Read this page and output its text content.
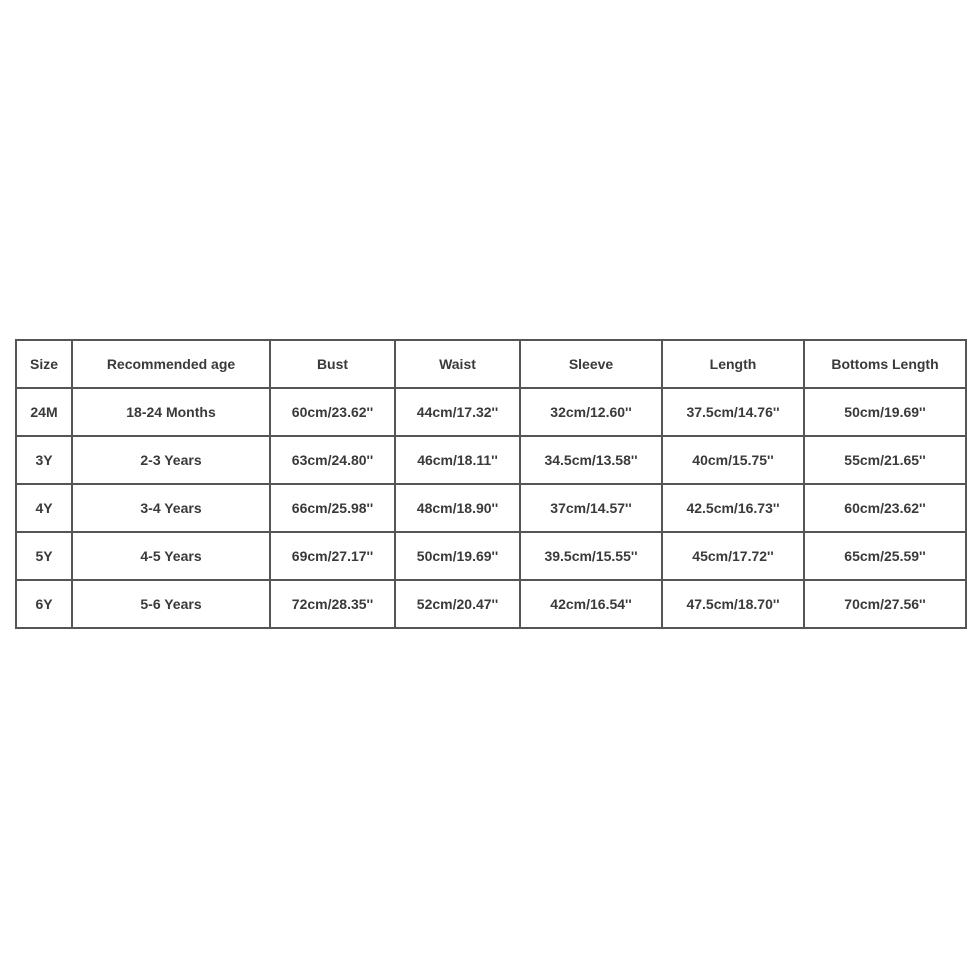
Size	Recommended age	Bust	Waist	Sleeve	Length	Bottoms Length
24M	18-24 Months	60cm/23.62''	44cm/17.32''	32cm/12.60''	37.5cm/14.76''	50cm/19.69''
3Y	2-3 Years	63cm/24.80''	46cm/18.11''	34.5cm/13.58''	40cm/15.75''	55cm/21.65''
4Y	3-4 Years	66cm/25.98''	48cm/18.90''	37cm/14.57''	42.5cm/16.73''	60cm/23.62''
5Y	4-5 Years	69cm/27.17''	50cm/19.69''	39.5cm/15.55''	45cm/17.72''	65cm/25.59''
6Y	5-6 Years	72cm/28.35''	52cm/20.47''	42cm/16.54''	47.5cm/18.70''	70cm/27.56''
